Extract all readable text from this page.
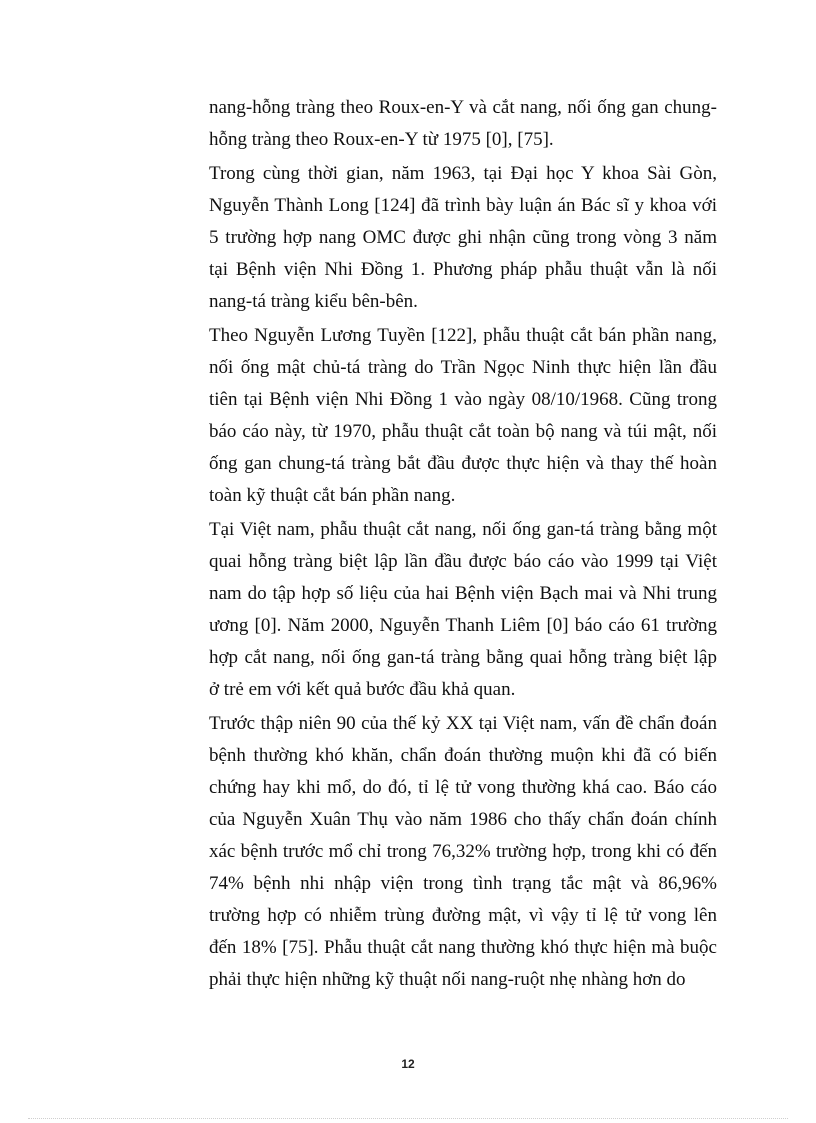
nang-hỗng tràng theo Roux-en-Y và cắt nang, nối ống gan chung-
hỗng tràng theo Roux-en-Y từ 1975 [0], [75].
Trong cùng thời gian, năm 1963, tại Đại học Y khoa Sài Gòn,
Nguyễn Thành Long [124] đã trình bày luận án Bác sĩ y khoa với
5 trường hợp nang OMC được ghi nhận cũng trong vòng 3 năm
tại Bệnh viện Nhi Đồng 1. Phương pháp phẫu thuật vẫn là nối
nang-tá tràng kiểu bên-bên.
Theo Nguyễn Lương Tuyền [122], phẫu thuật cắt bán phần nang,
nối ống mật chủ-tá tràng do Trần Ngọc Ninh thực hiện lần đầu
tiên tại Bệnh viện Nhi Đồng 1 vào ngày 08/10/1968. Cũng trong
báo cáo này, từ 1970, phẫu thuật cắt toàn bộ nang và túi mật, nối
ống gan chung-tá tràng bắt đầu được thực hiện và thay thế hoàn
toàn kỹ thuật cắt bán phần nang.
Tại Việt nam, phẫu thuật cắt nang, nối ống gan-tá tràng bằng một
quai hỗng tràng biệt lập lần đầu được báo cáo vào 1999 tại Việt
nam do tập hợp số liệu của hai Bệnh viện Bạch mai và Nhi trung
ương [0]. Năm 2000, Nguyễn Thanh Liêm [0] báo cáo 61 trường
hợp cắt nang, nối ống gan-tá tràng bằng quai hỗng tràng biệt lập
ở trẻ em với kết quả bước đầu khả quan.
Trước thập niên 90 của thế kỷ XX tại Việt nam, vấn đề chẩn đoán
bệnh thường khó khăn, chẩn đoán thường muộn khi đã có biến
chứng hay khi mổ, do đó, tỉ lệ tử vong thường khá cao. Báo cáo
của Nguyễn Xuân Thụ vào năm 1986 cho thấy chẩn đoán chính
xác bệnh trước mổ chỉ trong 76,32% trường hợp, trong khi có đến
74% bệnh nhi nhập viện trong tình trạng tắc mật và 86,96%
trường hợp có nhiễm trùng đường mật, vì vậy tỉ lệ tử vong lên
đến 18% [75]. Phẫu thuật cắt nang thường khó thực hiện mà buộc
phải thực hiện những kỹ thuật nối nang-ruột nhẹ nhàng hơn do
12
